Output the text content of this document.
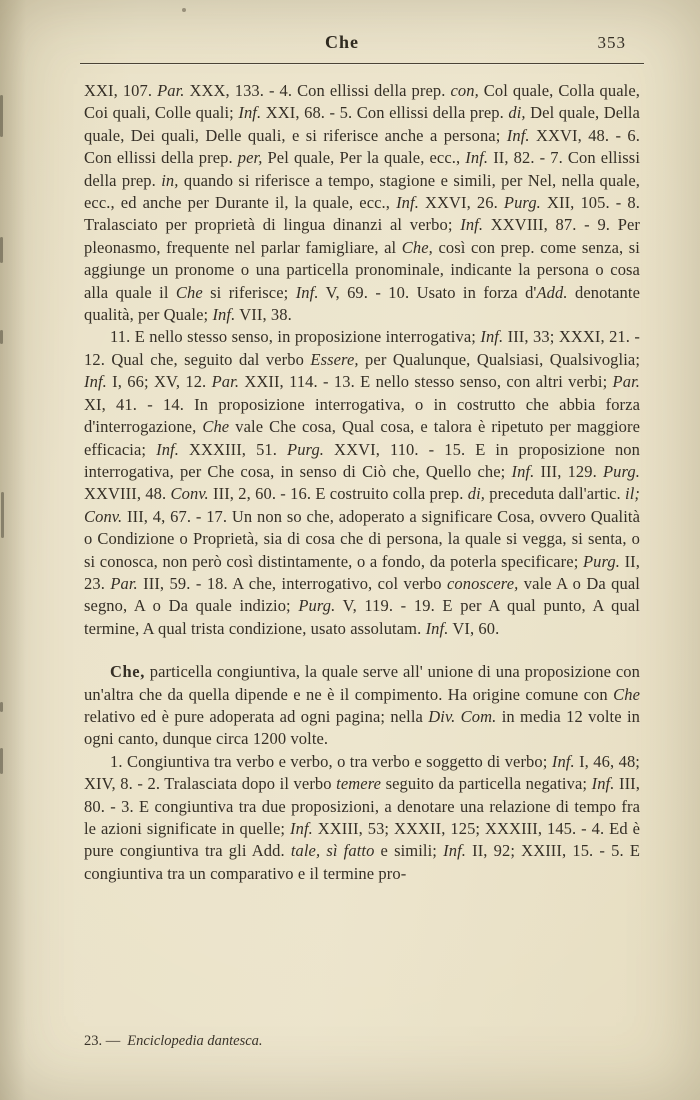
Che	353

XXI, 107. Par. XXX, 133. - 4. Con ellissi della prep. con, Col quale, Colla quale, Coi quali, Colle quali; Inf. XXI, 68. - 5. Con ellissi della prep. di, Del quale, Della quale, Dei quali, Delle quali, e si riferisce anche a persona; Inf. XXVI, 48. - 6. Con ellissi della prep. per, Pel quale, Per la quale, ecc., Inf. II, 82. - 7. Con ellissi della prep. in, quando si riferisce a tempo, stagione e simili, per Nel, nella quale, ecc., ed anche per Durante il, la quale, ecc., Inf. XXVI, 26. Purg. XII, 105. - 8. Tralasciato per proprietà di lingua dinanzi al verbo; Inf. XXVIII, 87. - 9. Per pleonasmo, frequente nel parlar famigliare, al Che, così con prep. come senza, si aggiunge un pronome o una particella pronominale, indicante la persona o cosa alla quale il Che si riferisce; Inf. V, 69. - 10. Usato in forza d'Add. denotante qualità, per Quale; Inf. VII, 38.

11. E nello stesso senso, in proposizione interrogativa; Inf. III, 33; XXXI, 21. - 12. Qual che, seguito dal verbo Essere, per Qualunque, Qualsiasi, Qualsivoglia; Inf. I, 66; XV, 12. Par. XXII, 114. - 13. E nello stesso senso, con altri verbi; Par. XI, 41. - 14. In proposizione interrogativa, o in costrutto che abbia forza d'interrogazione, Che vale Che cosa, Qual cosa, e talora è ripetuto per maggiore efficacia; Inf. XXXIII, 51. Purg. XXVI, 110. - 15. E in proposizione non interrogativa, per Che cosa, in senso di Ciò che, Quello che; Inf. III, 129. Purg. XXVIII, 48. Conv. III, 2, 60. - 16. E costruito colla prep. di, preceduta dall'artic. il; Conv. III, 4, 67. - 17. Un non so che, adoperato a significare Cosa, ovvero Qualità o Condizione o Proprietà, sia di cosa che di persona, la quale si vegga, si senta, o si conosca, non però così distintamente, o a fondo, da poterla specificare; Purg. II, 23. Par. III, 59. - 18. A che, interrogativo, col verbo conoscere, vale A o Da qual segno, A o Da quale indizio; Purg. V, 119. - 19. E per A qual punto, A qual termine, A qual trista condizione, usato assolutam. Inf. VI, 60.

Che, particella congiuntiva, la quale serve all' unione di una proposizione con un'altra che da quella dipende e ne è il compimento. Ha origine comune con Che relativo ed è pure adoperata ad ogni pagina; nella Div. Com. in media 12 volte in ogni canto, dunque circa 1200 volte.

1. Congiuntiva tra verbo e verbo, o tra verbo e soggetto di verbo; Inf. I, 46, 48; XIV, 8. - 2. Tralasciata dopo il verbo temere seguito da particella negativa; Inf. III, 80. - 3. E congiuntiva tra due proposizioni, a denotare una relazione di tempo fra le azioni significate in quelle; Inf. XXIII, 53; XXXII, 125; XXXIII, 145. - 4. Ed è pure congiuntiva tra gli Add. tale, sì fatto e simili; Inf. II, 92; XXIII, 15. - 5. E congiuntiva tra un comparativo e il termine pro-

23. — Enciclopedia dantesca.
